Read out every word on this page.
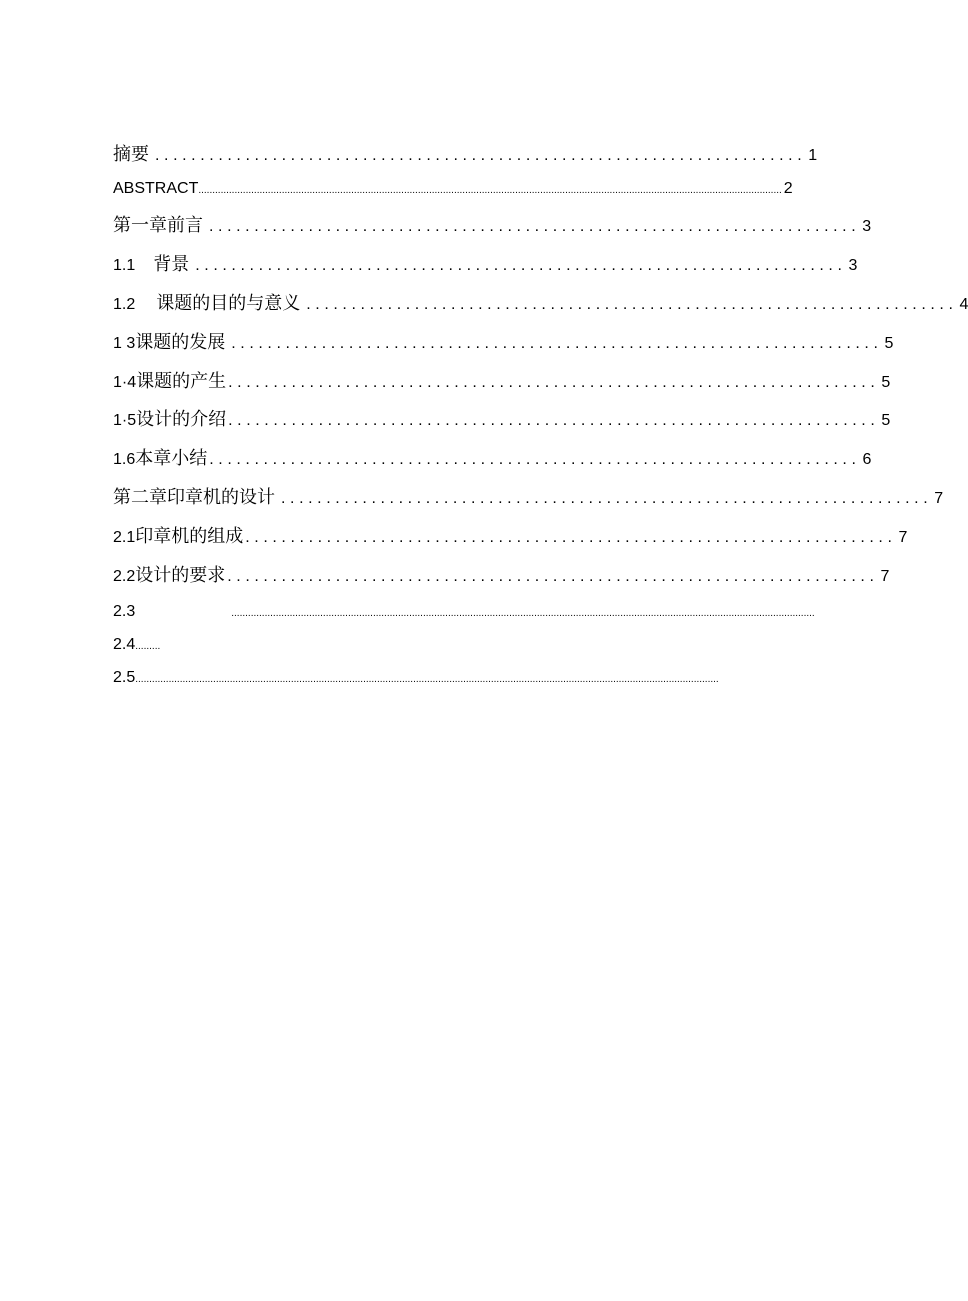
摘要 ........................................................................ 1
ABSTRACT .................................................................................................................................................................................................................. 2
第一章前言 ........................................................................ 3
1.1 背景 ........................................................................ 3
1.2 课题的目的与意义 ........................................................................ 4
1 3 课题的发展 ........................................................................ 5
1·4 课题的产生 ........................................................................ 5
1·5 设计的介绍 ........................................................................ 5
1.6 本章小结 ........................................................................ 6
第二章印章机的设计 ........................................................................ 7
2.1 印章机的组成 ........................................................................ 7
2.2 设计的要求 ........................................................................ 7
2.3	..................................................................................................................................................................................................................
2.4 .........
2.5 ..................................................................................................................................................................................................................
